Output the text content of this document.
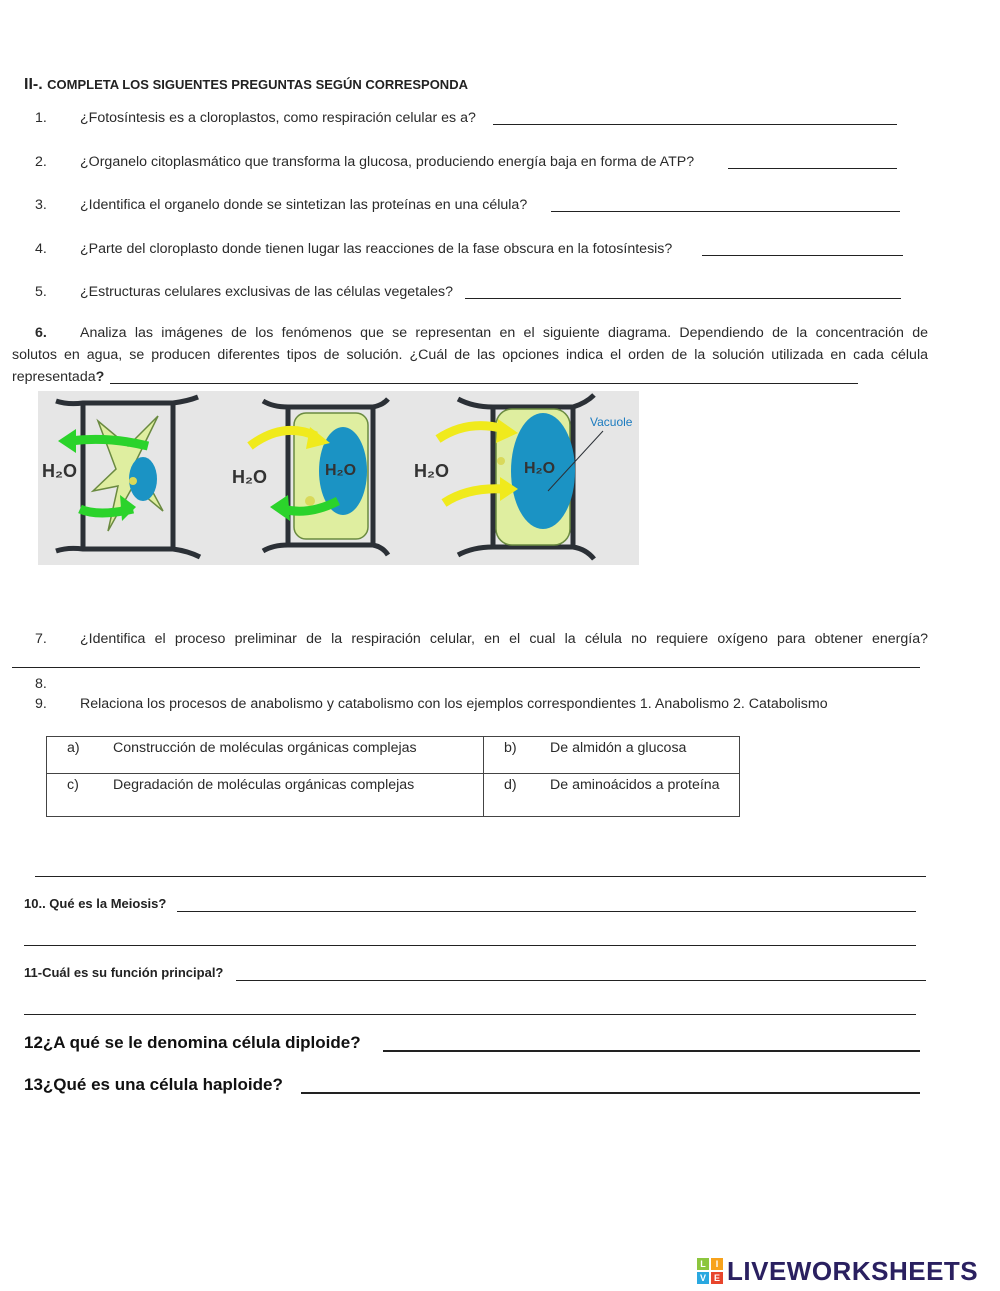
II-. COMPLETA LOS SIGUENTES PREGUNTAS SEGÚN CORRESPONDA
1. ¿Fotosíntesis es a cloroplastos, como respiración celular es a?
2. ¿Organelo citoplasmático que transforma la glucosa, produciendo energía baja en forma de ATP?
3. ¿Identifica el organelo donde se sintetizan las proteínas en una célula?
4. ¿Parte del cloroplasto donde tienen lugar las reacciones de la fase obscura en la fotosíntesis?
5. ¿Estructuras celulares exclusivas de las células vegetales?
6. Analiza las imágenes de los fenómenos que se representan en el siguiente diagrama. Dependiendo de la concentración de
solutos en agua, se producen diferentes tipos de solución. ¿Cuál de las opciones indica el orden de la solución utilizada en cada célula
representada?
H₂O	H₂O	H₂O	H₂O	H₂O
Vacuole
7. ¿Identifica el proceso preliminar de la respiración celular, en el cual la célula no requiere oxígeno para obtener energía?
8.
9. Relaciona los procesos de anabolismo y catabolismo con los ejemplos correspondientes 1. Anabolismo 2. Catabolismo
a) Construcción de moléculas orgánicas complejas	b) De almidón a glucosa

c) Degradación de moléculas orgánicas complejas	d) De aminoácidos a proteína
10.. Qué es la Meiosis?
11-Cuál es su función principal?
12¿A qué se le denomina célula diploide?
13¿Qué es una célula haploide?
L	I
V E LIVEWORKSHEETS
